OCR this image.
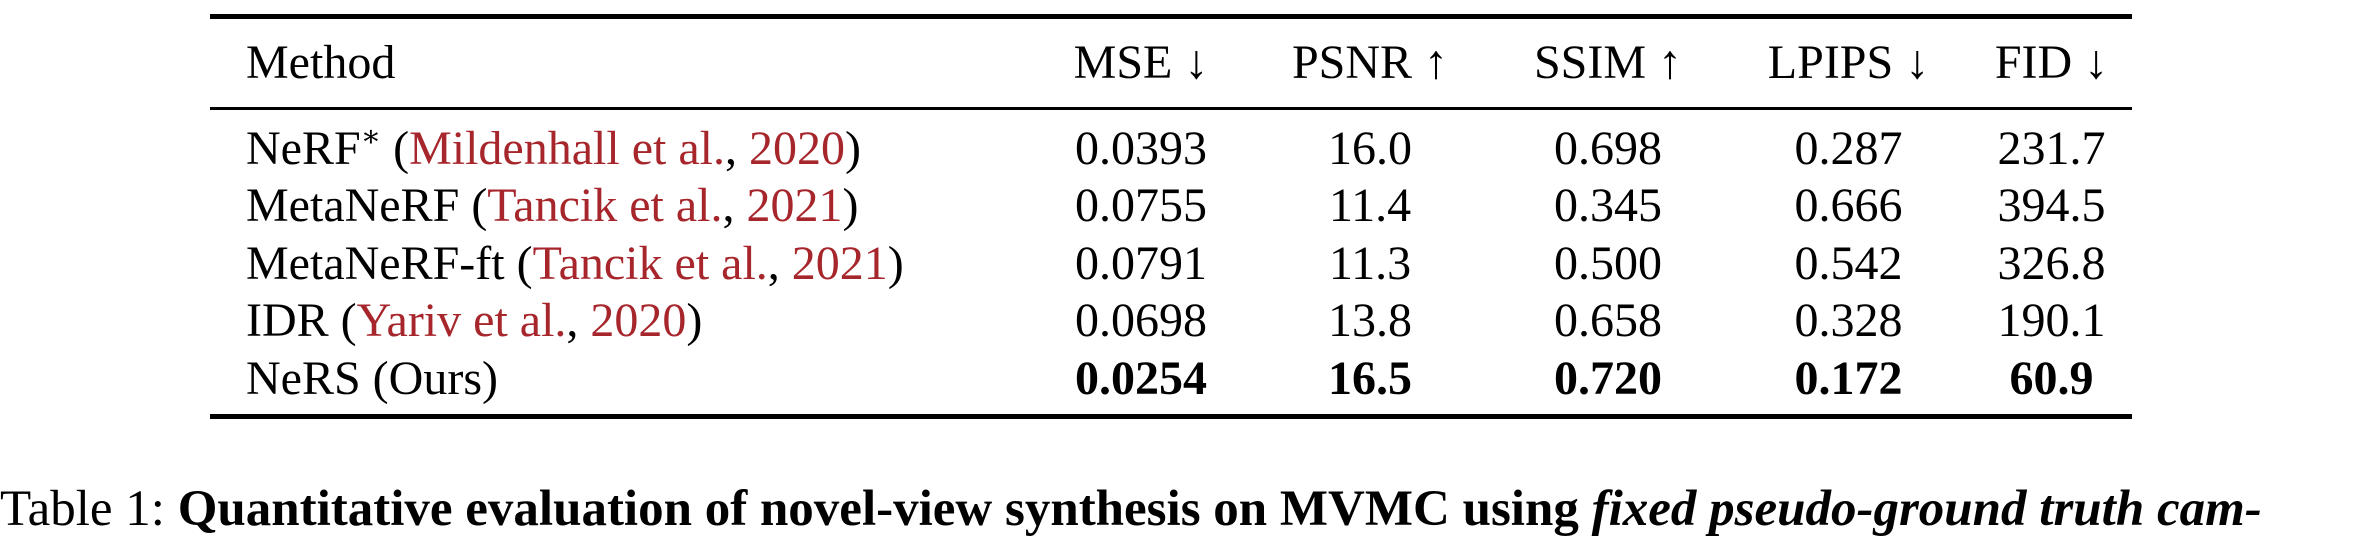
Method	MSE ↓	PSNR ↑	SSIM ↑	LPIPS ↓	FID ↓
NeRF∗ (Mildenhall et al., 2020)	0.0393	16.0	0.698	0.287	231.7
MetaNeRF (Tancik et al., 2021)	0.0755	11.4	0.345	0.666	394.5
MetaNeRF-ft (Tancik et al., 2021)	0.0791	11.3	0.500	0.542	326.8
IDR (Yariv et al., 2020)	0.0698	13.8	0.658	0.328	190.1
NeRS (Ours)	0.0254	16.5	0.720	0.172	60.9
Table 1: Quantitative evaluation of novel-view synthesis on MVMC using fixed pseudo-ground truth cam-
